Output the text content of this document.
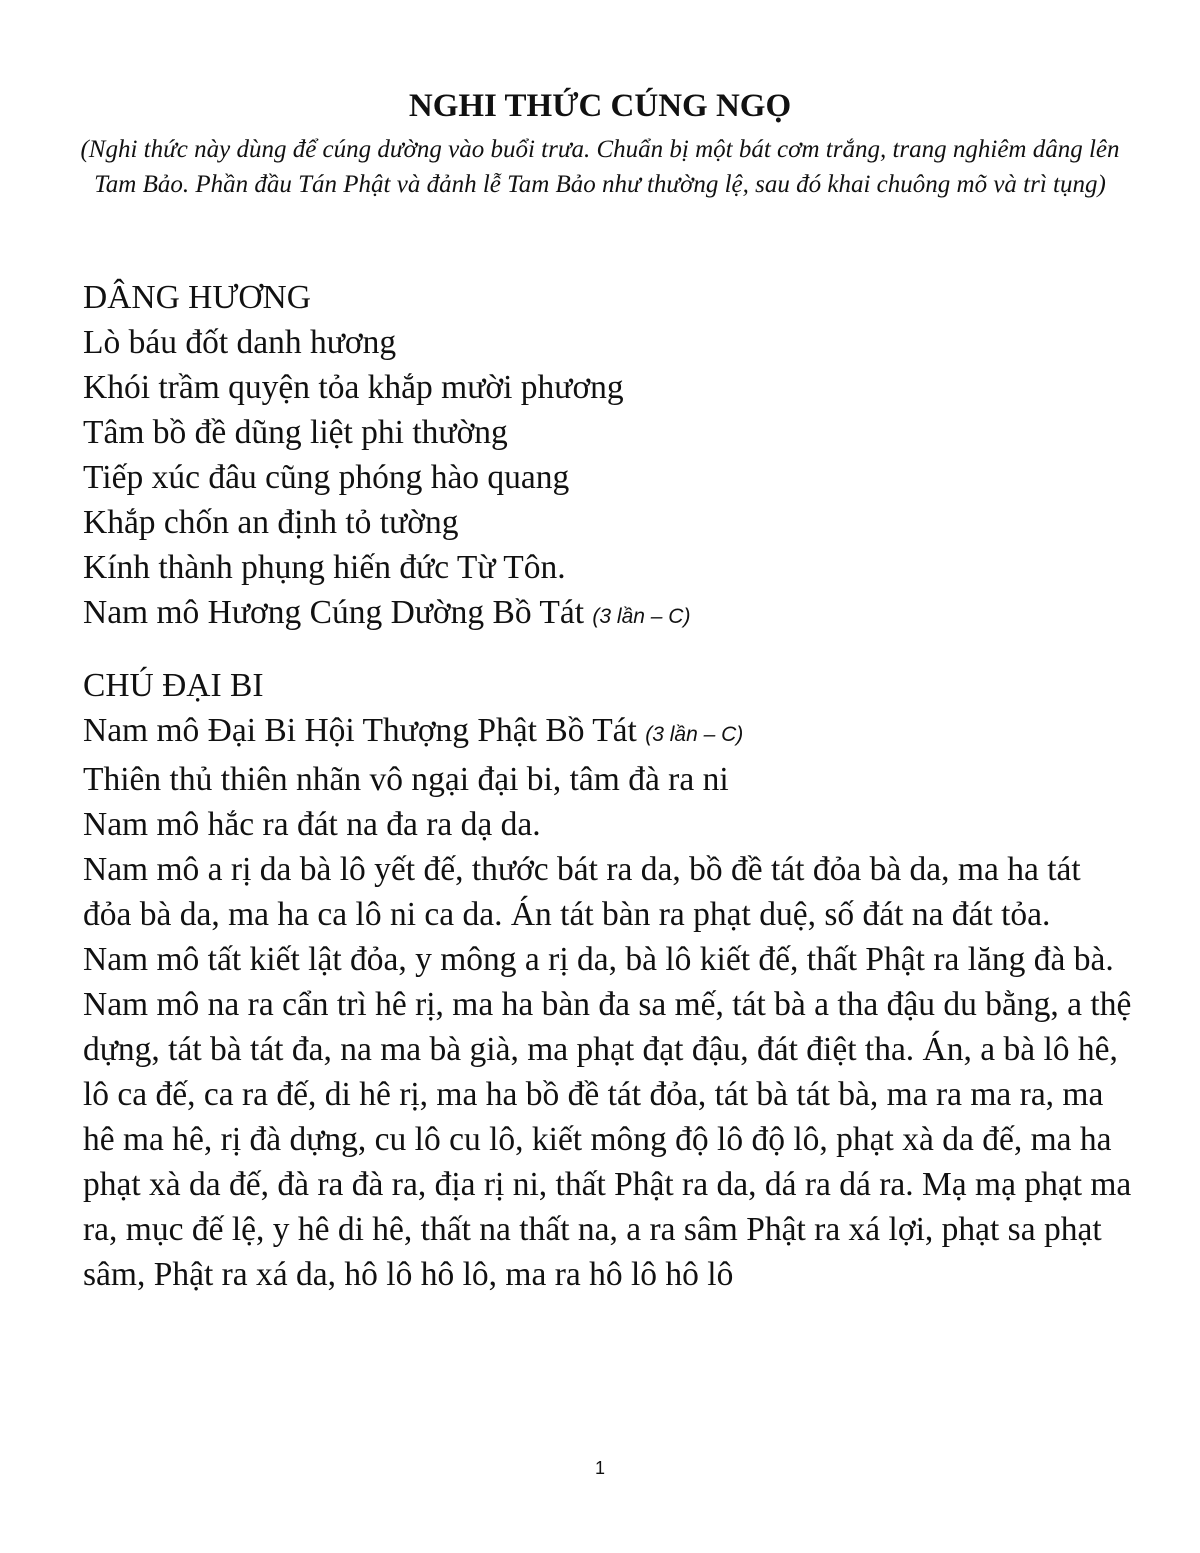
NGHI THỨC CÚNG NGỌ
(Nghi thức này dùng để cúng dường vào buổi trưa. Chuẩn bị một bát cơm trắng, trang nghiêm dâng lên Tam Bảo. Phần đầu Tán Phật và đảnh lễ Tam Bảo như thường lệ, sau đó khai chuông mõ và trì tụng)
DÂNG HƯƠNG
Lò báu đốt danh hương
Khói trầm quyện tỏa khắp mười phương
Tâm bồ đề dũng liệt phi thường
Tiếp xúc đâu cũng phóng hào quang
Khắp chốn an định tỏ tường
Kính thành phụng hiến đức Từ Tôn.
Nam mô Hương Cúng Dường Bồ Tát (3 lần – C)
CHÚ ĐẠI BI
Nam mô Đại Bi Hội Thượng Phật Bồ Tát (3 lần – C)
Thiên thủ thiên nhãn vô ngại đại bi, tâm đà ra ni
Nam mô hắc ra đát na đa ra dạ da.
Nam mô a rị da bà lô yết đế, thước bát ra da, bồ đề tát đỏa bà da, ma ha tát đỏa bà da, ma ha ca lô ni ca da. Án tát bàn ra phạt duệ, số đát na đát tỏa.
Nam mô tất kiết lật đỏa, y mông a rị da, bà lô kiết đế, thất Phật ra lăng đà bà.
Nam mô na ra cẩn trì hê rị, ma ha bàn đa sa mế, tát bà a tha đậu du bằng, a thệ dựng, tát bà tát đa, na ma bà già, ma phạt đạt đậu, đát điệt tha. Án, a bà lô hê, lô ca đế, ca ra đế, di hê rị, ma ha bồ đề tát đỏa, tát bà tát bà, ma ra ma ra, ma hê ma hê, rị đà dựng, cu lô cu lô, kiết mông độ lô độ lô, phạt xà da đế, ma ha phạt xà da đế, đà ra đà ra, địa rị ni, thất Phật ra da, dá ra dá ra. Mạ mạ phạt ma ra, mục đế lệ, y hê di hê, thất na thất na, a ra sâm Phật ra xá lợi, phạt sa phạt sâm, Phật ra xá da, hô lô hô lô, ma ra hô lô hô lô
1
